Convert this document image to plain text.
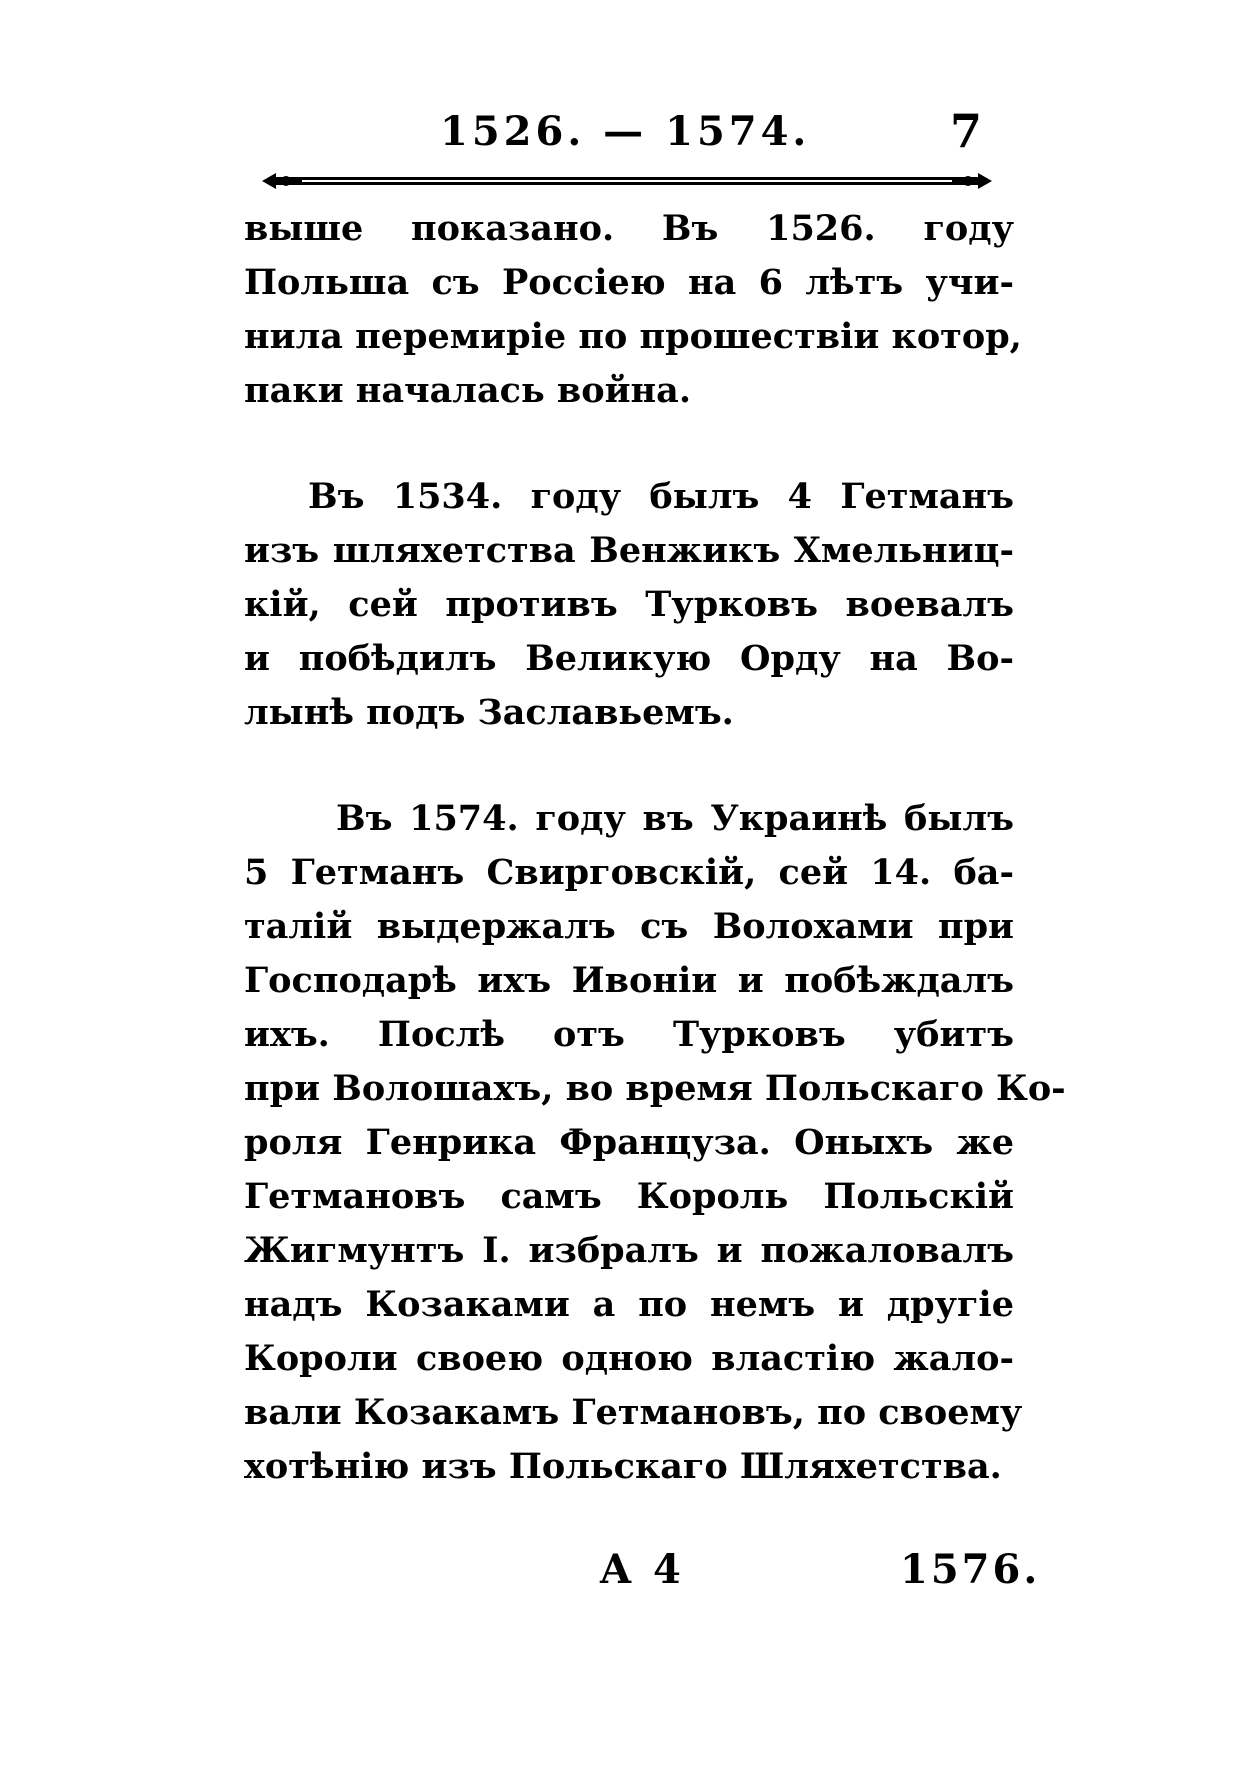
1526. — 1574.	7
выше показано. Въ 1526. году
Польша съ Россіею на 6 лѣтъ учи-
нила перемиріе по прошествіи котор,
паки началась война.
Въ 1534. году былъ 4 Гетманъ
изъ шляхетства Венжикъ Хмельниц-
кій, сей противъ Турковъ воевалъ
и побѣдилъ Великую Орду на Во-
лынѣ подъ Заславьемъ.
Въ 1574. году въ Украинѣ былъ
5 Гетманъ Свирговскій, сей 14. ба-
талій выдержалъ съ Волохами при
Господарѣ ихъ Ивоніи и побѣждалъ
ихъ. Послѣ отъ Турковъ убитъ
при Волошахъ, во время Польскаго Ко-
роля Генрика Француза. Оныхъ же
Гетмановъ самъ Король Польскій
Жигмунтъ I. избралъ и пожаловалъ
надъ Козаками а по немъ и другіе
Короли своею одною властію жало-
вали Козакамъ Гетмановъ, по своему
хотѣнію изъ Польскаго Шляхетства.
A 4	1576.
